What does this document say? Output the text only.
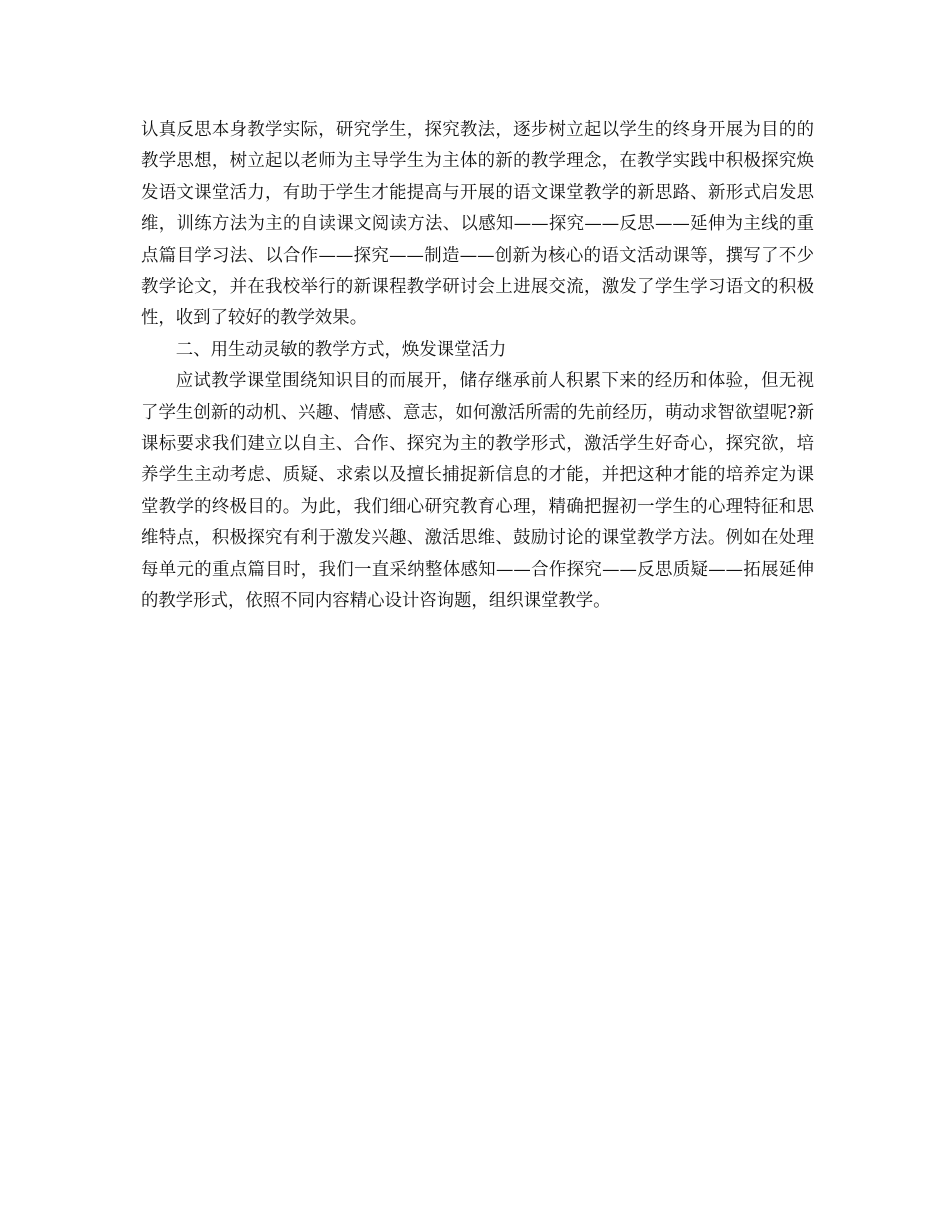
认真反思本身教学实际，研究学生，探究教法，逐步树立起以学生的终身开展为目的的教学思想，树立起以老师为主导学生为主体的新的教学理念，在教学实践中积极探究焕发语文课堂活力，有助于学生才能提高与开展的语文课堂教学的新思路、新形式启发思维，训练方法为主的自读课文阅读方法、以感知——探究——反思——延伸为主线的重点篇目学习法、以合作——探究——制造——创新为核心的语文活动课等，撰写了不少教学论文，并在我校举行的新课程教学研讨会上进展交流，激发了学生学习语文的积极性，收到了较好的教学效果。

二、用生动灵敏的教学方式，焕发课堂活力

应试教学课堂围绕知识目的而展开，储存继承前人积累下来的经历和体验，但无视了学生创新的动机、兴趣、情感、意志，如何激活所需的先前经历，萌动求智欲望呢?新课标要求我们建立以自主、合作、探究为主的教学形式，激活学生好奇心，探究欲，培养学生主动考虑、质疑、求索以及擅长捕捉新信息的才能，并把这种才能的培养定为课堂教学的终极目的。为此，我们细心研究教育心理，精确把握初一学生的心理特征和思维特点，积极探究有利于激发兴趣、激活思维、鼓励讨论的课堂教学方法。例如在处理每单元的重点篇目时，我们一直采纳整体感知——合作探究——反思质疑——拓展延伸的教学形式，依照不同内容精心设计咨询题，组织课堂教学。
